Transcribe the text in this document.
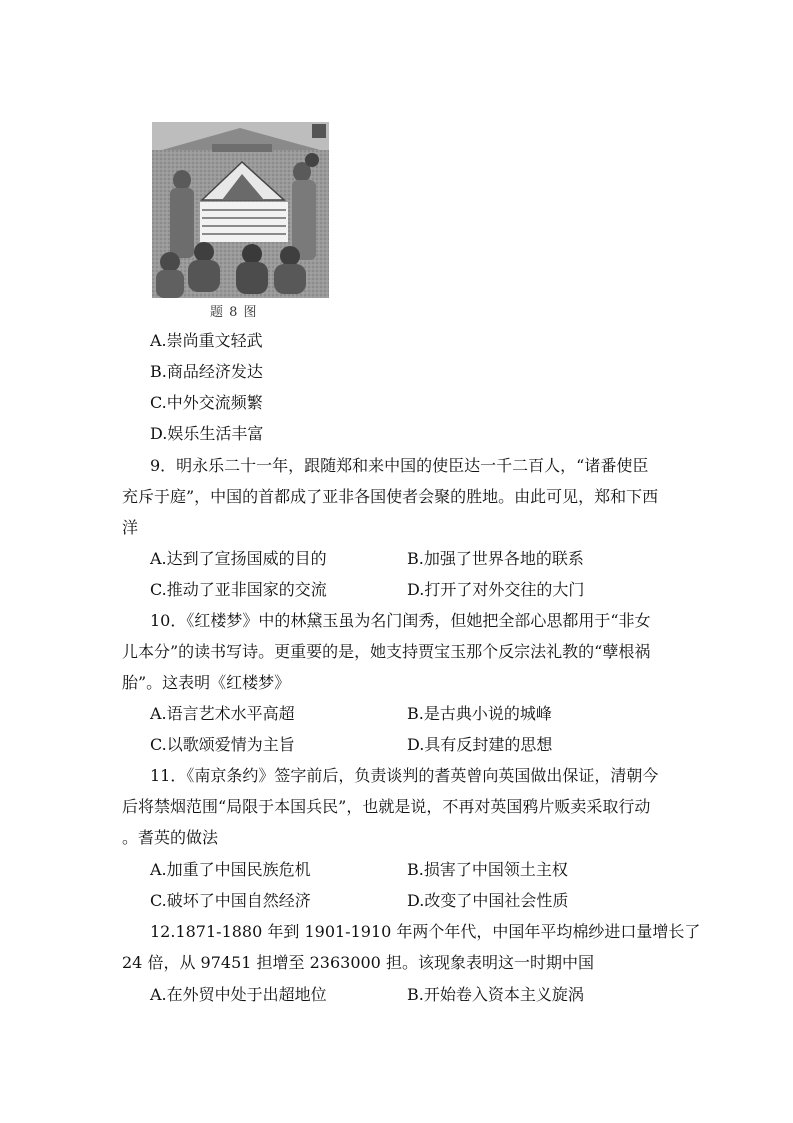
题 8 图
A.崇尚重文轻武
B.商品经济发达
C.中外交流频繁
D.娱乐生活丰富
9．明永乐二十一年，跟随郑和来中国的使臣达一千二百人，“诸番使臣
充斥于庭”，中国的首都成了亚非各国使者会聚的胜地。由此可见，郑和下西
洋
A.达到了宣扬国威的目的	B.加强了世界各地的联系
C.推动了亚非国家的交流	D.打开了对外交往的大门
10．《红楼梦》中的林黛玉虽为名门闺秀，但她把全部心思都用于“非女
儿本分”的读书写诗。更重要的是，她支持贾宝玉那个反宗法礼教的“孽根祸
胎”。这表明《红楼梦》
A.语言艺术水平高超	B.是古典小说的城峰
C.以歌颂爱情为主旨	D.具有反封建的思想
11．《南京条约》签字前后，负责谈判的耆英曾向英国做出保证，清朝今
后将禁烟范围“局限于本国兵民”，也就是说，不再对英国鸦片贩卖采取行动
。耆英的做法
A.加重了中国民族危机	B.损害了中国领土主权
C.破坏了中国自然经济	D.改变了中国社会性质
12.1871-1880 年到 1901-1910 年两个年代，中国年平均棉纱进口量增长了
24 倍，从 97451 担增至 2363000 担。该现象表明这一时期中国
A.在外贸中处于出超地位	B.开始卷入资本主义旋涡
